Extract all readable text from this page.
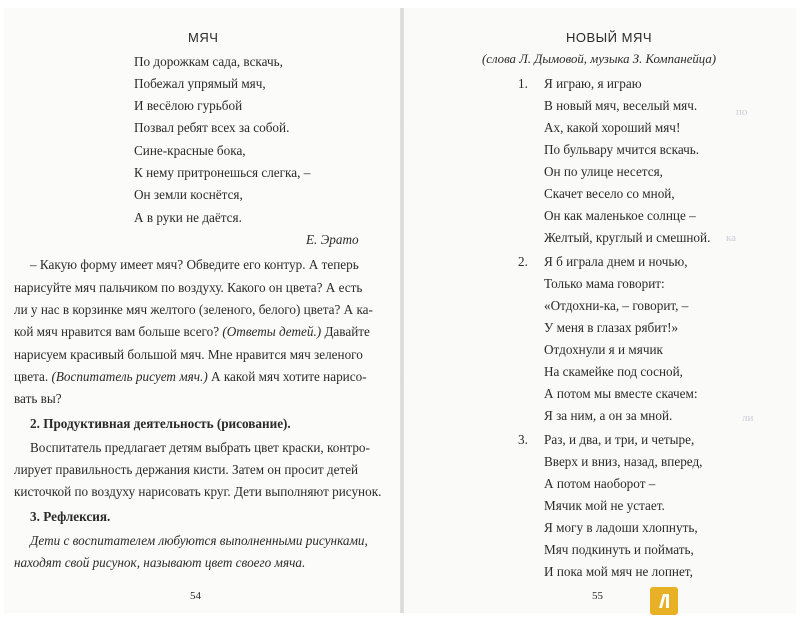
МЯЧ
По дорожкам сада, вскачь,
Побежал упрямый мяч,
И весёлою гурьбой
Позвал ребят всех за собой.
Сине-красные бока,
К нему притронешься слегка, –
Он земли коснётся,
А в руки не даётся.
Е. Эрато
– Какую форму имеет мяч? Обведите его контур. А теперь
нарисуйте мяч пальчиком по воздуху. Какого он цвета? А есть
ли у нас в корзинке мяч желтого (зеленого, белого) цвета? А ка-
кой мяч нравится вам больше всего? (Ответы детей.) Давайте
нарисуем красивый большой мяч. Мне нравится мяч зеленого
цвета. (Воспитатель рисует мяч.) А какой мяч хотите нарисо-
вать вы?
2. Продуктивная деятельность (рисование).
Воспитатель предлагает детям выбрать цвет краски, контро-
лирует правильность держания кисти. Затем он просит детей
кисточкой по воздуху нарисовать круг. Дети выполняют рисунок.
3. Рефлексия.
Дети с воспитателем любуются выполненными рисунками,
находят свой рисунок, называют цвет своего мяча.
54
по
ка
ли
НОВЫЙ МЯЧ
(слова Л. Дымовой, музыка З. Компанейца)
1. Я играю, я играю
В новый мяч, веселый мяч.
Ах, какой хороший мяч!
По бульвару мчится вскачь.
Он по улице несется,
Скачет весело со мной,
Он как маленькое солнце –
Желтый, круглый и смешной.
2. Я б играла днем и ночью,
Только мама говорит:
«Отдохни-ка, – говорит, –
У меня в глазах рябит!»
Отдохнули я и мячик
На скамейке под сосной,
А потом мы вместе скачем:
Я за ним, а он за мной.
3. Раз, и два, и три, и четыре,
Вверх и вниз, назад, вперед,
А потом наоборот –
Мячик мой не устает.
Я могу в ладоши хлопнуть,
Мяч подкинуть и поймать,
И пока мой мяч не лопнет,
55
